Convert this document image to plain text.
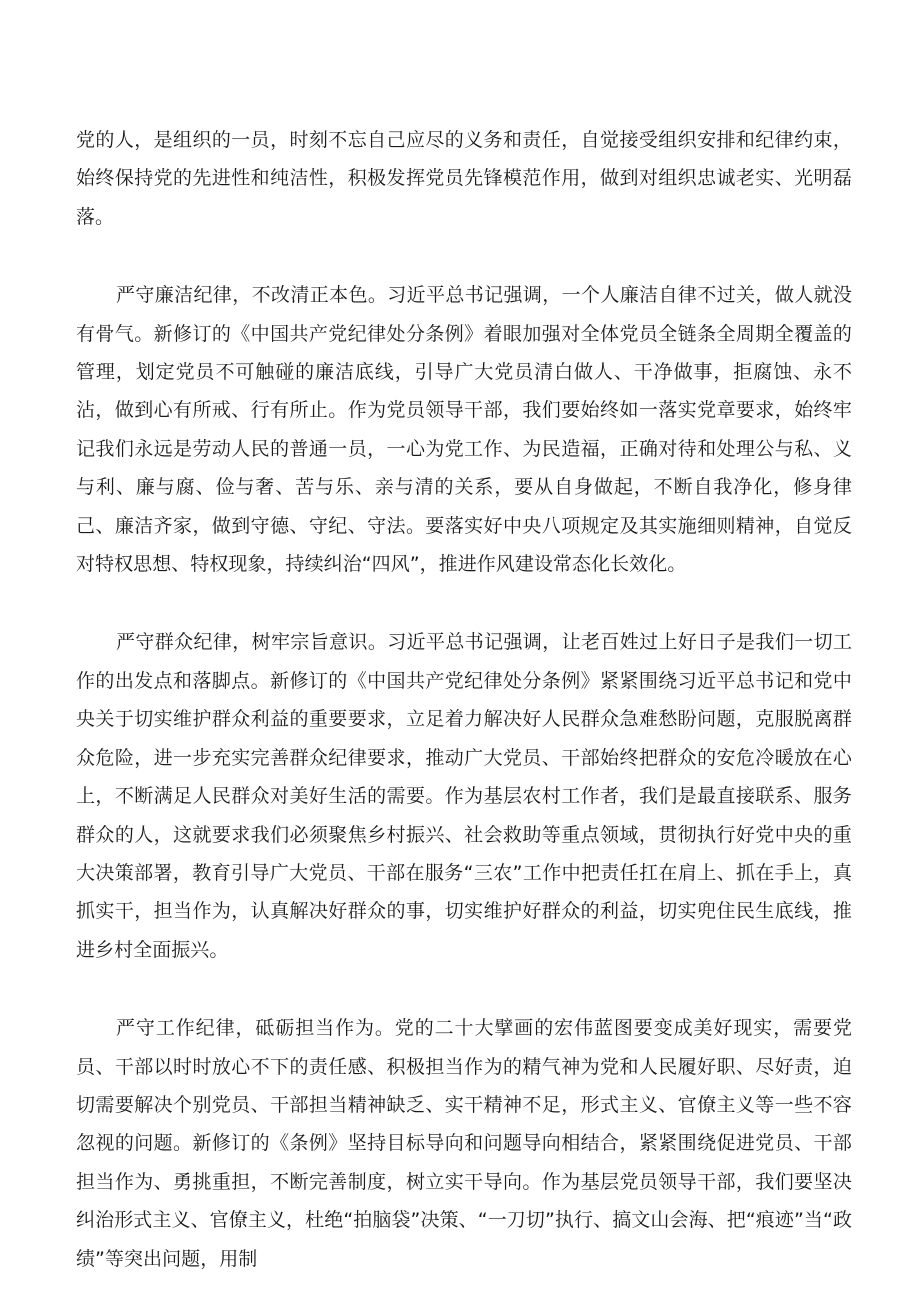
党的人，是组织的一员，时刻不忘自己应尽的义务和责任，自觉接受组织安排和纪律约束，始终保持党的先进性和纯洁性，积极发挥党员先锋模范作用，做到对组织忠诚老实、光明磊落。

严守廉洁纪律，不改清正本色。习近平总书记强调，一个人廉洁自律不过关，做人就没有骨气。新修订的《中国共产党纪律处分条例》着眼加强对全体党员全链条全周期全覆盖的管理，划定党员不可触碰的廉洁底线，引导广大党员清白做人、干净做事，拒腐蚀、永不沾，做到心有所戒、行有所止。作为党员领导干部，我们要始终如一落实党章要求，始终牢记我们永远是劳动人民的普通一员，一心为党工作、为民造福，正确对待和处理公与私、义与利、廉与腐、俭与奢、苦与乐、亲与清的关系，要从自身做起，不断自我净化，修身律己、廉洁齐家，做到守德、守纪、守法。要落实好中央八项规定及其实施细则精神，自觉反对特权思想、特权现象，持续纠治“四风”，推进作风建设常态化长效化。

严守群众纪律，树牢宗旨意识。习近平总书记强调，让老百姓过上好日子是我们一切工作的出发点和落脚点。新修订的《中国共产党纪律处分条例》紧紧围绕习近平总书记和党中央关于切实维护群众利益的重要要求，立足着力解决好人民群众急难愁盼问题，克服脱离群众危险，进一步充实完善群众纪律要求，推动广大党员、干部始终把群众的安危冷暖放在心上，不断满足人民群众对美好生活的需要。作为基层农村工作者，我们是最直接联系、服务群众的人，这就要求我们必须聚焦乡村振兴、社会救助等重点领域，贯彻执行好党中央的重大决策部署，教育引导广大党员、干部在服务“三农”工作中把责任扛在肩上、抓在手上，真抓实干，担当作为，认真解决好群众的事，切实维护好群众的利益，切实兜住民生底线，推进乡村全面振兴。

严守工作纪律，砥砺担当作为。党的二十大擘画的宏伟蓝图要变成美好现实，需要党员、干部以时时放心不下的责任感、积极担当作为的精气神为党和人民履好职、尽好责，迫切需要解决个别党员、干部担当精神缺乏、实干精神不足，形式主义、官僚主义等一些不容忽视的问题。新修订的《条例》坚持目标导向和问题导向相结合，紧紧围绕促进党员、干部担当作为、勇挑重担，不断完善制度，树立实干导向。作为基层党员领导干部，我们要坚决纠治形式主义、官僚主义，杜绝“拍脑袋”决策、“一刀切”执行、搞文山会海、把“痕迹”当“政绩”等突出问题，用制
